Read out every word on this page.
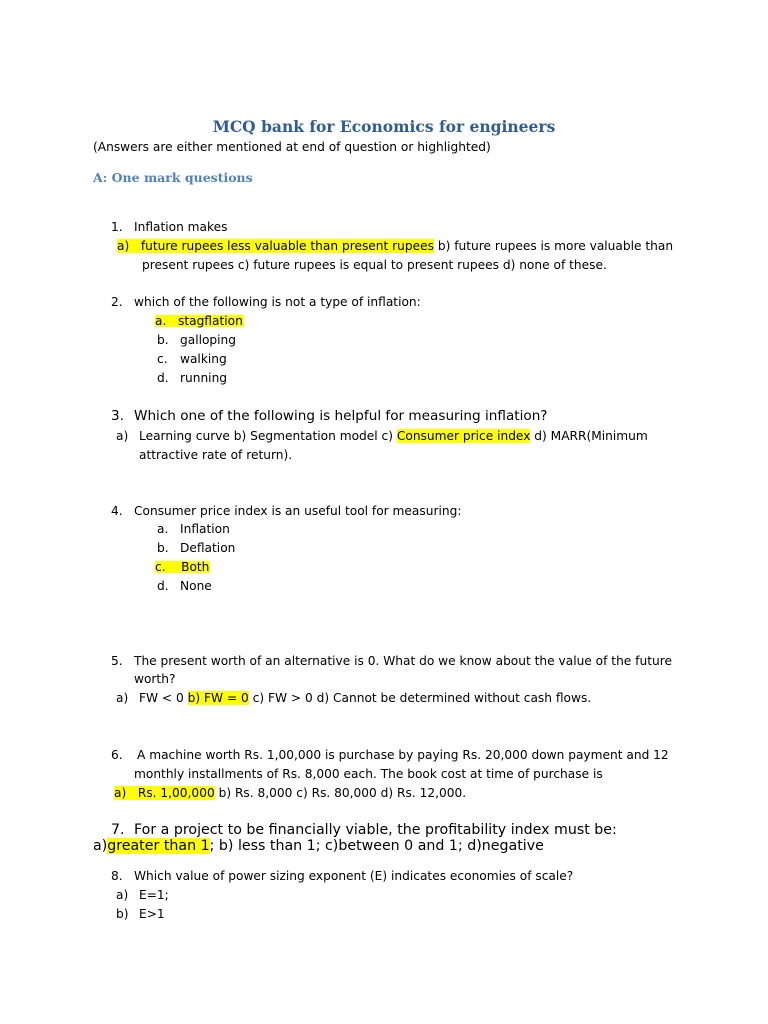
MCQ bank for Economics for engineers
(Answers are either mentioned at end of question or highlighted)
A: One mark questions
1. Inflation makes
a) future rupees less valuable than present rupees b) future rupees is more valuable than
present rupees c) future rupees is equal to present rupees d) none of these.
2. which of the following is not a type of inflation:
a. stagflation
b. galloping
c. walking
d. running
3. Which one of the following is helpful for measuring inflation?
a) Learning curve b) Segmentation model c) Consumer price index d) MARR(Minimum
attractive rate of return).
4. Consumer price index is an useful tool for measuring:
a. Inflation
b. Deflation
c. Both
d. None
5. The present worth of an alternative is 0. What do we know about the value of the future
worth?
a) FW < 0 b) FW = 0 c) FW > 0 d) Cannot be determined without cash flows.
6. A machine worth Rs. 1,00,000 is purchase by paying Rs. 20,000 down payment and 12
monthly installments of Rs. 8,000 each. The book cost at time of purchase is
a) Rs. 1,00,000 b) Rs. 8,000 c) Rs. 80,000 d) Rs. 12,000.
7. For a project to be financially viable, the profitability index must be:
a)greater than 1; b) less than 1; c)between 0 and 1; d)negative
8. Which value of power sizing exponent (E) indicates economies of scale?
a) E=1;
b) E>1
